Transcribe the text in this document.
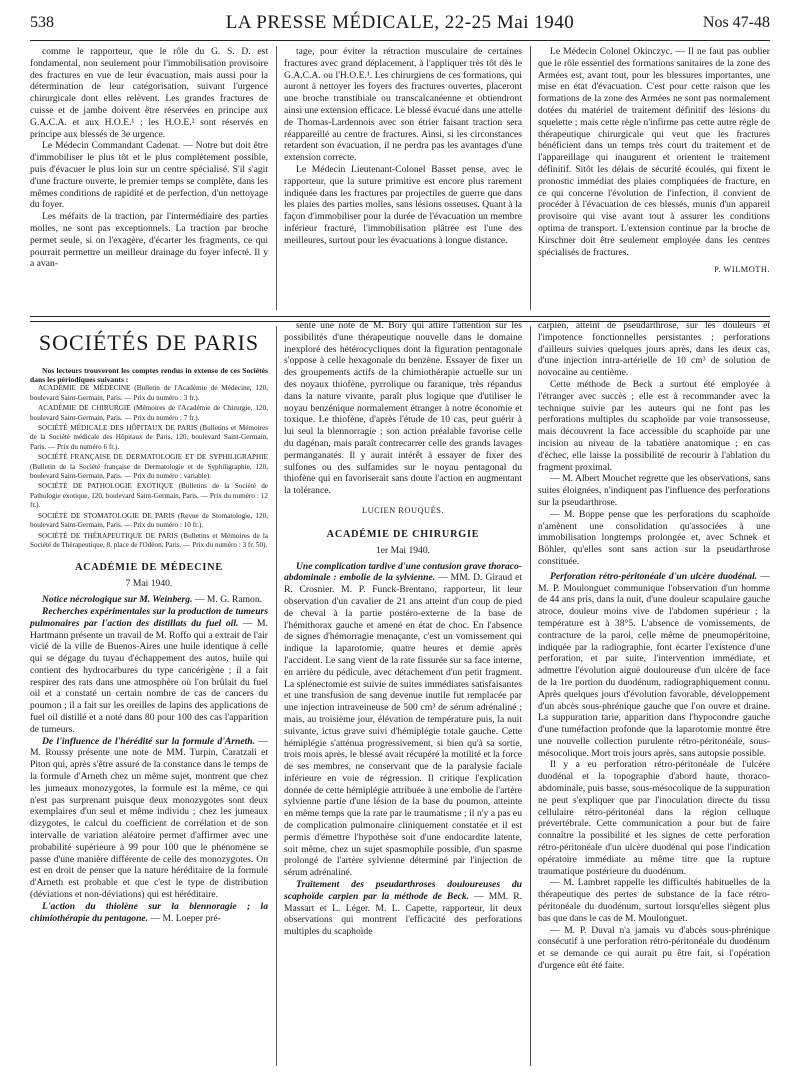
538	LA PRESSE MÉDICALE, 22-25 Mai 1940	Nos 47-48

comme le rapporteur, que le rôle du G. S. D. est fondamental, non seulement pour l'immobilisation provisoire des fractures en vue de leur évacuation, mais aussi pour la détermination de leur catégorisation, suivant l'urgence chirurgicale dont elles relèvent. Les grandes fractures de cuisse et de jambe doivent être réservées en principe aux G.A.C.A. et aux H.O.E.¹ ; les H.O.E.² sont réservés en principe aux blessés de 3e urgence.

Le Médecin Commandant Cadenat. — Notre but doit être d'immobiliser le plus tôt et le plus complètement possible, puis d'évacuer le plus loin sur un centre spécialisé. S'il s'agit d'une fracture ouverte, le premier temps se complète, dans les mêmes conditions de rapidité et de perfection, d'un nettoyage du foyer.

Les méfaits de la traction, par l'intermédiaire des parties molles, ne sont pas exceptionnels. La traction par broche permet seule, si on l'exagère, d'écarter les fragments, ce qui pourrait permettre un meilleur drainage du foyer infecté. Il y a avan-

tage, pour éviter la rétraction musculaire de certaines fractures avec grand déplacement, à l'appliquer très tôt dès le G.A.C.A. ou l'H.O.E.¹. Les chirurgiens de ces formations, qui auront à nettoyer les foyers des fractures ouvertes, placeront une broche transtibiale ou transcalcanéenne et obtiendront ainsi une extension efficace. Le blessé évacué dans une attelle de Thomas-Lardennois avec son étrier faisant traction sera réappareillé au centre de fractures. Ainsi, si les circonstances retardent son évacuation, il ne perdra pas les avantages d'une extension correcte.

Le Médecin Lieutenant-Colonel Basset pense, avec le rapporteur, que la suture primitive est encore plus rarement indiquée dans les fractures par projectiles de guerre que dans les plaies des parties molles, sans lésions osseuses. Quant à la façon d'immobiliser pour la durée de l'évacuation un membre inférieur fracturé, l'immobilisation plâtrée est l'une des meilleures, surtout pour les évacuations à longue distance.

Le Médecin Colonel Okinczyc. — Il ne faut pas oublier que le rôle essentiel des formations sanitaires de la zone des Armées est, avant tout, pour les blessures importantes, une mise en état d'évacuation. C'est pour cette raison que les formations de la zone des Armées ne sont pas normalement dotées du matériel de traitement définitif des lésions du squelette ; mais cette règle n'infirme pas cette autre règle de thérapeutique chirurgicale qui veut que les fractures bénéficient dans un temps très court du traitement et de l'appareillage qui inaugurent et orientent le traitement définitif. Sitôt les délais de sécurité écoulés, qui fixent le pronostic immédiat des plaies compliquées de fracture, en ce qui concerne l'évolution de l'infection, il convient de procéder à l'évacuation de ces blessés, munis d'un appareil provisoire qui vise avant tout à assurer les conditions optima de transport. L'extension continue par la broche de Kirschner doit être seulement employée dans les centres spécialisés de fractures.

P. WILMOTH.
SOCIÉTÉS DE PARIS

Nos lecteurs trouveront les comptes rendus in extenso de ces Sociétés dans les périodiques suivants :

ACADÉMIE DE MÉDECINE (Bulletin de l'Académie de Médecine, 120, boulevard Saint-Germain, Paris. — Prix du numéro : 3 fr.).

ACADÉMIE DE CHIRURGIE (Mémoires de l'Académie de Chirurgie, 120, boulevard Saint-Germain, Paris. — Prix du numéro : 7 fr.).

SOCIÉTÉ MÉDICALE DES HÔPITAUX DE PARIS (Bulletins et Mémoires de la Société médicale des Hôpitaux de Paris, 120, boulevard Saint-Germain, Paris. — Prix du numéro 6 fr.).

SOCIÉTÉ FRANÇAISE DE DERMATOLOGIE ET DE SYPHILIGRAPHIE (Bulletin de la Société française de Dermatologie et de Syphiligraphie, 120, boulevard Saint-Germain, Paris. — Prix du numéro : variable).

SOCIÉTÉ DE PATHOLOGIE EXOTIQUE (Bulletins de la Société de Pathologie exotique, 120, boulevard Saint-Germain, Paris. — Prix du numéro : 12 fr.).

SOCIÉTÉ DE STOMATOLOGIE DE PARIS (Revue de Stomatologie, 120, boulevard Saint-Germain, Paris. — Prix du numéro : 10 fr.).

SOCIÉTÉ DE THÉRAPEUTIQUE DE PARIS (Bulletins et Mémoires de la Société de Thérapeutique, 8, place de l'Odéon, Paris. — Prix du numéro : 3 fr. 50).

ACADÉMIE DE MÉDECINE
7 Mai 1940.

Notice nécrologique sur M. Weinberg. — M. G. Ramon.

Recherches expérimentales sur la production de tumeurs pulmonaires par l'action des distillats du fuel oil. — M. Hartmann présente un travail de M. Roffo qui a extrait de l'air vicié de la ville de Buenos-Aires une huile identique à celle qui se dégage du tuyau d'échappement des autos, huile qui contient des hydrocarbures du type cancérigène ; il a fait respirer des rats dans une atmosphère où l'on brûlait du fuel oil et a constaté un certain nombre de cas de cancers du poumon ; il a fait sur les oreilles de lapins des applications de fuel oil distillé et a noté dans 80 pour 100 des cas l'apparition de tumeurs.

De l'influence de l'hérédité sur la formule d'Arneth. — M. Roussy présente une note de MM. Turpin, Caratzali et Piton qui, après s'être assuré de la constance dans le temps de la formule d'Arneth chez un même sujet, montrent que chez les jumeaux monozygotes, la formule est la même, ce qui n'est pas surprenant puisque deux monozygotes sont deux exemplaires d'un seul et même individu ; chez les jumeaux dizygotes, le calcul du coefficient de corrélation et de son intervalle de variation aléatoire permet d'affirmer avec une probabilité supérieure à 99 pour 100 que le phénomène se passe d'une manière différente de celle des monozygotes. On est en droit de penser que la nature héréditaire de la formule d'Arneth est probable et que c'est le type de distribution (déviations et non-déviations) qui est héréditaire.

L'action du thiolène sur la blennoragie ; la chimiothérapie du pentagone. — M. Loeper pré-

sente une note de M. Bory qui attire l'attention sur les possibilités d'une thérapeutique nouvelle dans le domaine inexploré des hétérocycliques dont la figuration pentagonale s'oppose à celle hexagonale du benzène. Essayer de fixer un des groupements actifs de la chimiothérapie actuelle sur un des noyaux thiofène, pyrrolique ou faranique, très répandus dans la nature vivante, paraît plus logique que d'utiliser le noyau benzénique normalement étranger à notre économie et toxique. Le thiofène, d'après l'étude de 10 cas, peut guérir à lui seul la blennorragie ; son action préalable favorise celle du dagénan, mais paraît contrecarrer celle des grands lavages permanganatés. Il y aurait intérêt à essayer de fixer des sulfones ou des sulfamides sur le noyau pentagonal du thiofène qui en favoriserait sans doute l'action en augmentant la tolérance.

LUCIEN ROUQUÈS.
ACADÉMIE DE CHIRURGIE
1er Mai 1940.

Une complication tardive d'une contusion grave thoraco-abdominale : embolie de la sylvienne. — MM. D. Giraud et R. Crosnier. M. P. Funck-Brentano, rapporteur, lit leur observation d'un cavalier de 21 ans atteint d'un coup de pied de cheval à la partie postéro-externe de la base de l'hémithorax gauche et amené en état de choc. En l'absence de signes d'hémorragie menaçante, c'est un vomissement qui indique la laparotomie, quatre heures et demie après l'accident. Le sang vient de la rate fissurée sur sa face interne, en arrière du pédicule, avec détachement d'un petit fragment. La splénectomie est suivie de suites immédiates satisfaisantes et une transfusion de sang devenue inutile fut remplacée par une injection intraveineuse de 500 cm³ de sérum adrénaliné ; mais, au troisième jour, élévation de température puis, la nuit suivante, ictus grave suivi d'hémiplégie totale gauche. Cette hémiplégie s'atténua progressivement, si bien qu'à sa sortie, trois mois après, le blessé avait récupéré la motilité et la force de ses membres, ne conservant que de la paralysie faciale inférieure en voie de régression. Il critique l'explication donnée de cette hémiplégie attribuée à une embolie de l'artère sylvienne partie d'une lésion de la base du poumon, atteinte en même temps que la rate par le traumatisme ; il n'y a pas eu de complication pulmonaire cliniquement constatée et il est permis d'émettre l'hypothèse soit d'une endocardite latente, soit même, chez un sujet spasmophile possible, d'un spasme prolongé de l'artère sylvienne déterminé par l'injection de sérum adrénaliné.

Traitement des pseudarthroses douloureuses du scaphoïde carpien par la méthode de Beck. — MM. R. Massart et L. Léger. M. L. Capette, rapporteur, lit deux observations qui montrent l'efficacité des perforations multiples du scaphoïde

carpien, atteint de pseudarthrose, sur les douleurs et l'impotence fonctionnelles persistantes ; perforations d'ailleurs suivies quelques jours après, dans les deux cas, d'une injection intra-artérielle de 10 cm³ de solution de novocaïne au centième.

Cette méthode de Beck a surtout été employée à l'étranger avec succès ; elle est à recommander avec la technique suivie par les auteurs qui ne font pas les perforations multiples du scaphoïde par voie transosseuse, mais découvrent la face accessible du scaphoïde par une incision au niveau de la tabatière anatomique ; en cas d'échec, elle laisse la possibilité de recourir à l'ablation du fragment proximal.

— M. Albert Mouchet regrette que les observations, sans suites éloignées, n'indiquent pas l'influence des perforations sur la pseudarthrose.

— M. Boppe pense que les perforations du scaphoïde n'amènent une consolidation qu'associées à une immobilisation longtemps prolongée et, avec Schnek et Böhler, qu'elles sont sans action sur la pseudarthrose constituée.

Perforation rétro-péritonéale d'un ulcère duodénal. — M. P. Moulonguet communique l'observation d'un homme de 44 ans pris, dans la nuit, d'une douleur scapulaire gauche atroce, douleur moins vive de l'abdomen supérieur ; la température est à 38°5. L'absence de vomissements, de contracture de la paroi, celle même de pneumopéritoine, indiquée par la radiographie, font écarter l'existence d'une perforation, et par suite, l'intervention immédiate, et admettre l'évolution aiguë douloureuse d'un ulcère de face de la 1re portion du duodénum, radiographiquement connu. Après quelques jours d'évolution favorable, développement d'un abcès sous-phrénique gauche que l'on ouvre et draine. La suppuration tarie, apparition dans l'hypocondre gauche d'une tuméfaction profonde que la laparotomie montre être une nouvelle collection purulente rétro-péritonéale, sous-mésocolique. Mort trois jours après, sans autopsie possible.

Il y a eu perforation rétro-péritonéale de l'ulcère duodénal et la topographie d'abord haute, thoraco-abdominale, puis basse, sous-mésocolique de la suppuration ne peut s'expliquer que par l'inoculation directe du tissu cellulaire rétro-péritonéal dans la région celluque prévertébrale. Cette communication a pour but de faire connaître la possibilité et les signes de cette perforation rétro-péritonéale d'un ulcère duodénal qui pose l'indication opératoire immédiate au même titre que la rupture traumatique postérieure du duodénum.

— M. Lambret rappelle les difficultés habituelles de la thérapeutique des pertes de substance de la face rétro-péritonéale du duodénum, surtout lorsqu'elles siègent plus bas que dans le cas de M. Moulonguet.

— M. P. Duval n'a jamais vu d'abcès sous-phrénique consécutif à une perforation rétro-péritonéale du duodénum et se demande ce qui aurait pu être fait, si l'opération d'urgence eût été faite.
